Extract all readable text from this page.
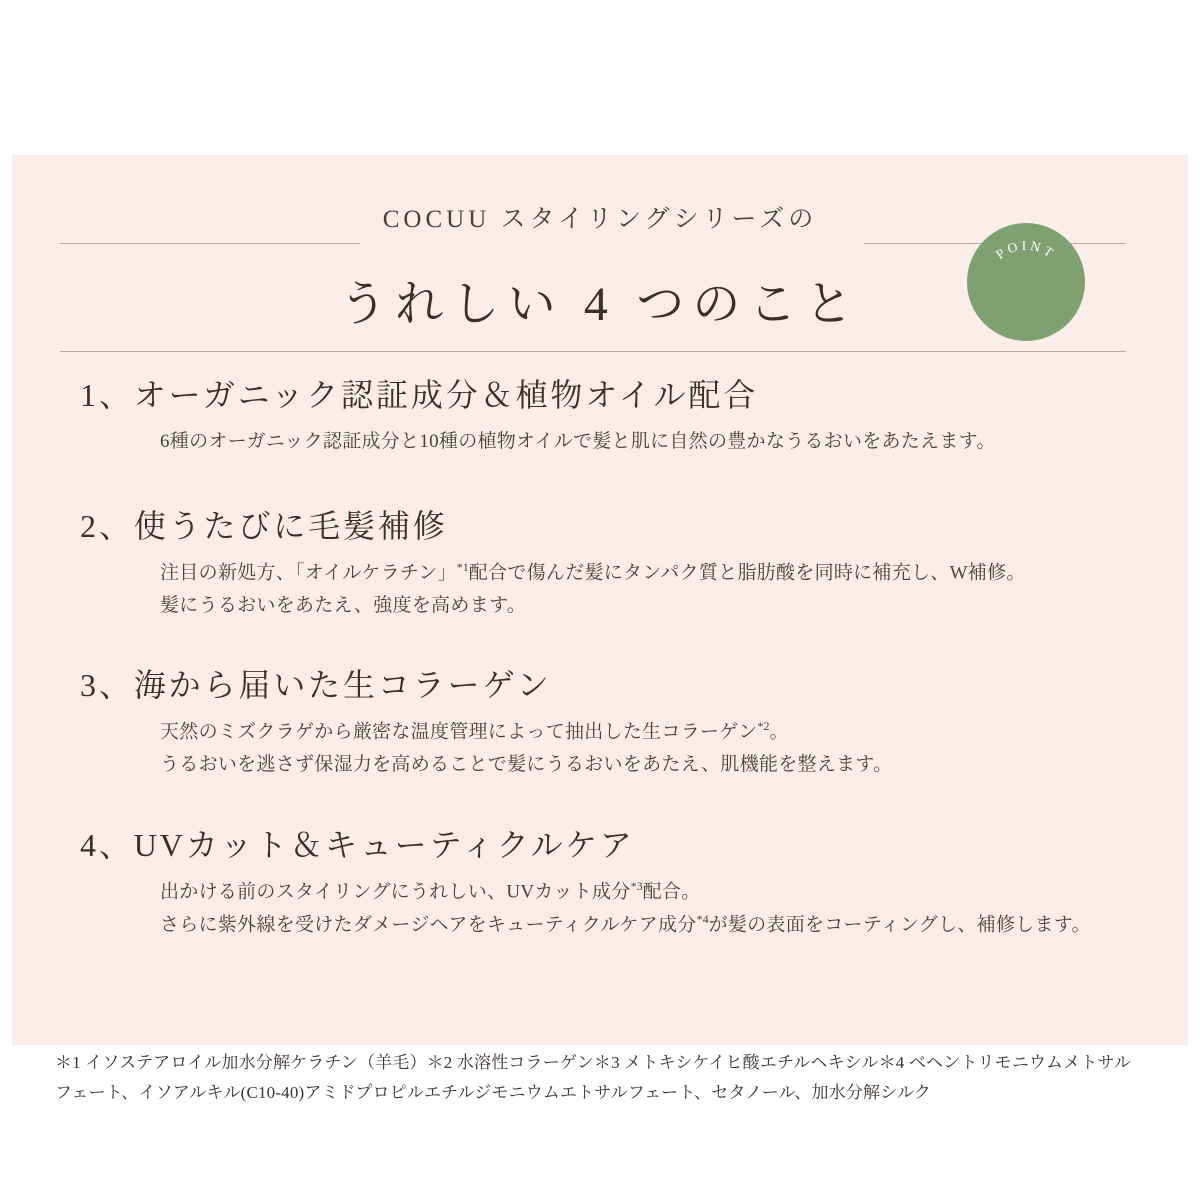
COCUU スタイリングシリーズの
うれしい 4 つのこと
POINT
1、 オーガニック認証成分＆植物オイル配合
6種のオーガニック認証成分と10種の植物オイルで髪と肌に自然の豊かなうるおいをあたえます。
2、 使うたびに毛髪補修
注目の新処方、「オイルケラチン」$^{*1}$配合で傷んだ髪にタンパク質と脂肪酸を同時に補充し、W補修。
髪にうるおいをあたえ、強度を高めます。
3、 海から届いた生コラーゲン
天然のミズクラゲから厳密な温度管理によって抽出した生コラーゲン$^{*2}$。
うるおいを逃さず保湿力を高めることで髪にうるおいをあたえ、肌機能を整えます。
4、 UVカット＆キューティクルケア
出かける前のスタイリングにうれしい、UVカット成分$^{*3}$配合。
さらに紫外線を受けたダメージヘアをキューティクルケア成分$^{*4}$が髪の表面をコーティングし、補修します。
＊1 イソステアロイル加水分解ケラチン（羊毛）＊2 水溶性コラーゲン＊3 メトキシケイヒ酸エチルヘキシル＊4 ベヘントリモニウムメトサル
フェート、イソアルキル(C10-40)アミドプロピルエチルジモニウムエトサルフェート、セタノール、加水分解シルク
